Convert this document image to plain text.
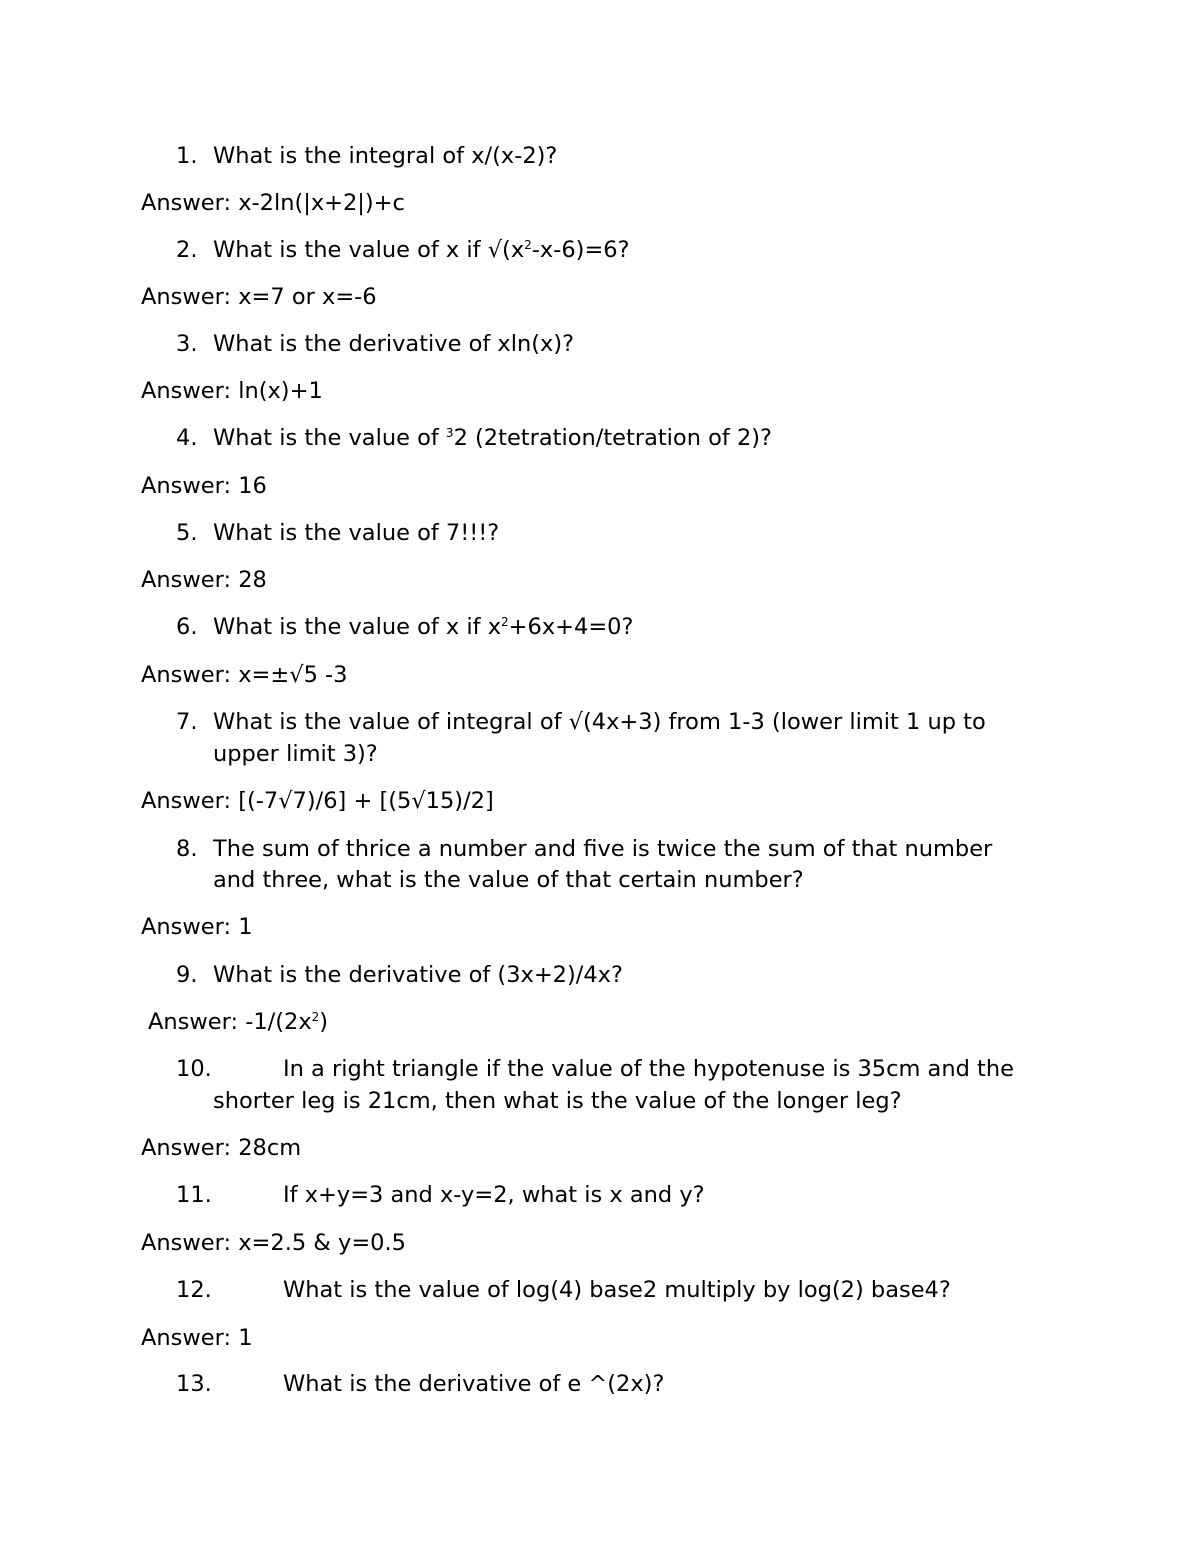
1. What is the integral of x/(x-2)?
Answer: x-2ln(|x+2|)+c
2. What is the value of x if $√(x^2-x-6)=6$?
Answer: x=7 or x=-6
3. What is the derivative of xln(x)?
Answer: ln(x)+1
4. What is the value of $^3$2 (2tetration/tetration of 2)?
Answer: 16
5. What is the value of 7!!!?
Answer: 28
6. What is the value of x if $x^2+6x+4=0$?
Answer: x=±√5 -3
7. What is the value of integral of √(4x+3) from 1-3 (lower limit 1 up to
upper limit 3)?
Answer: [(-7√7)/6] + [(5√15)/2]
8. The sum of thrice a number and five is twice the sum of that number
and three, what is the value of that certain number?
Answer: 1
9. What is the derivative of (3x+2)/4x?
Answer: $-1/(2x^2)$
10.	In a right triangle if the value of the hypotenuse is 35cm and the
shorter leg is 21cm, then what is the value of the longer leg?
Answer: 28cm
11.	If x+y=3 and x-y=2, what is x and y?
Answer: x=2.5 & y=0.5
12.	What is the value of log(4) base2 multiply by log(2) base4?
Answer: 1
13.	What is the derivative of e ^(2x)?
